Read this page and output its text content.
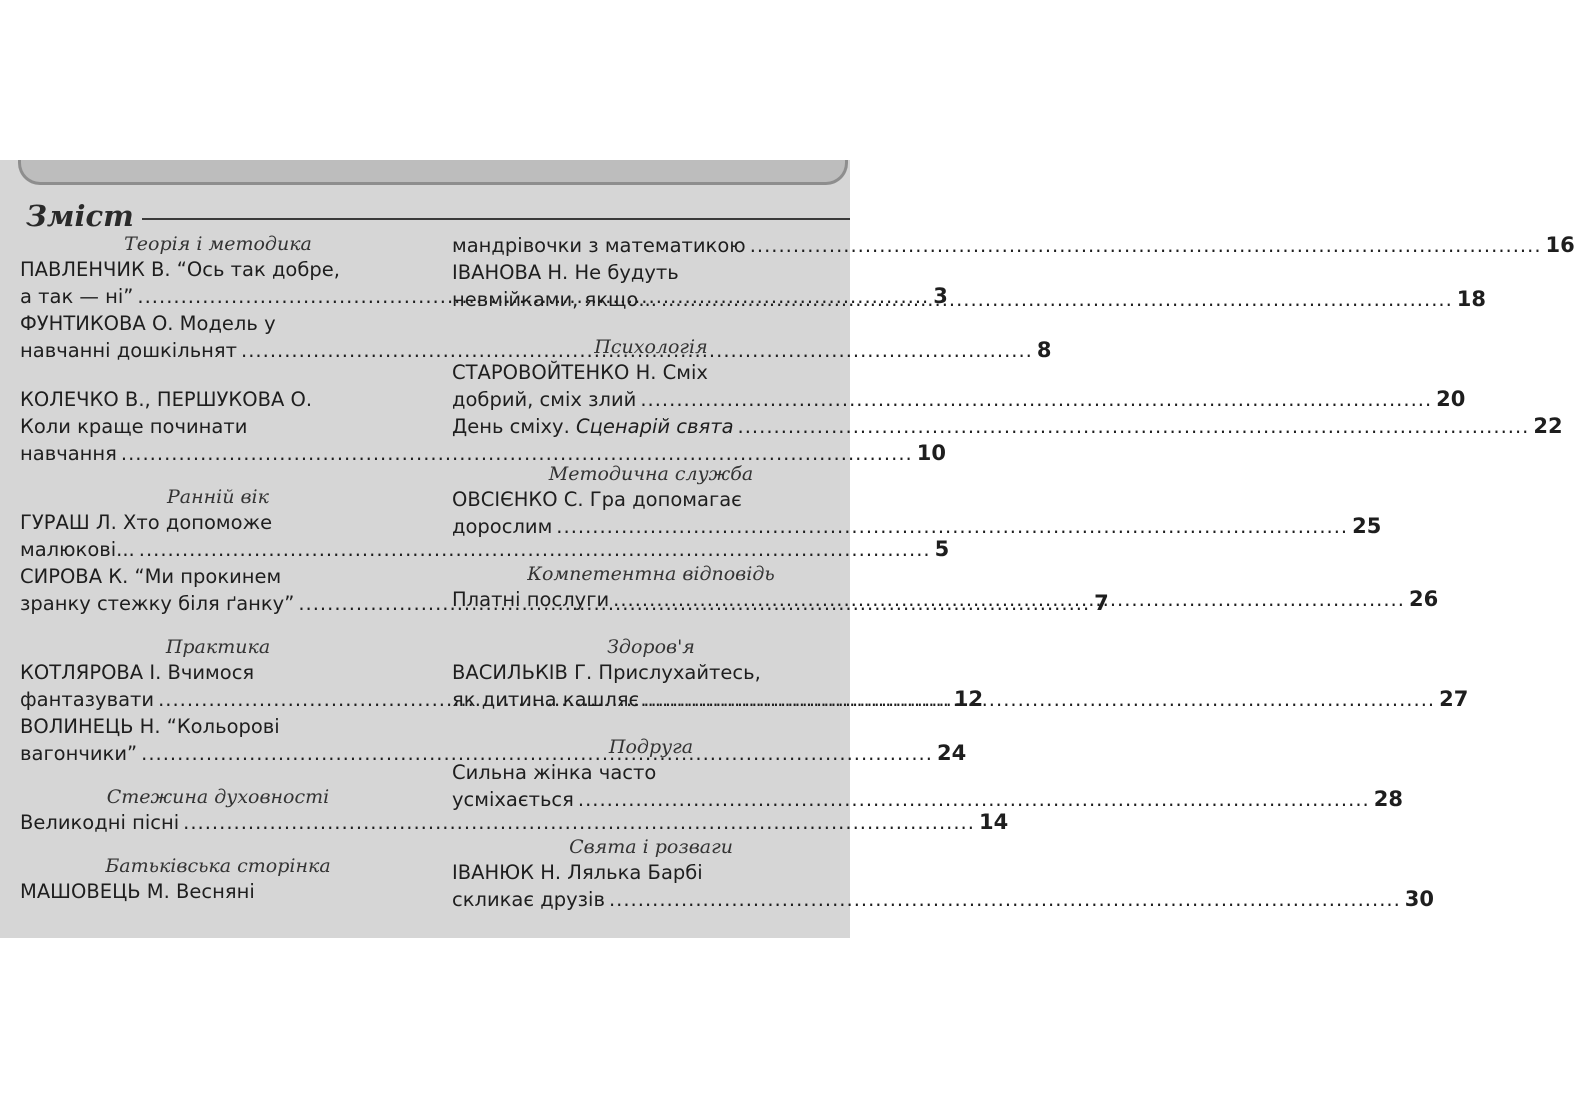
Зміст
Теорія і методика
ПАВЛЕНЧИК В. “Ось так добре,
а так — ні” .....	3
ФУНТИКОВА О. Модель у
навчанні дошкільнят .....	8
КОЛЕЧКО В., ПЕРШУКОВА О.
Коли краще починати
навчання .....	10
Ранній вік
ГУРАШ Л. Хто допоможе
малюкові... .....	5
СИРОВА К. “Ми прокинем
зранку стежку біля ґанку” .....	7
Практика
КОТЛЯРОВА І. Вчимося
фантазувати .....	12
ВОЛИНЕЦЬ Н. “Кольорові
вагончики” .....	24
Стежина духовності
Великодні пісні .....	14
Батьківська сторінка
МАШОВЕЦЬ М. Весняні
мандрівочки з математикою .....	16
ІВАНОВА Н. Не будуть
невмійками, якщо... .....	18
Психологія
СТАРОВОЙТЕНКО Н. Сміх
добрий, сміх злий .....	20
День сміху. Сценарій свята .....	22
Методична служба
ОВСІЄНКО С. Гра допомагає
дорослим .....	25
Компетентна відповідь
Платні послуги .....	26
Здоров'я
ВАСИЛЬКІВ Г. Прислухайтесь,
як дитина кашляє .....	27
Подруга
Сильна жінка часто
усміхається .....	28
Свята і розваги
ІВАНЮК Н. Лялька Барбі
скликає друзів .....	30
